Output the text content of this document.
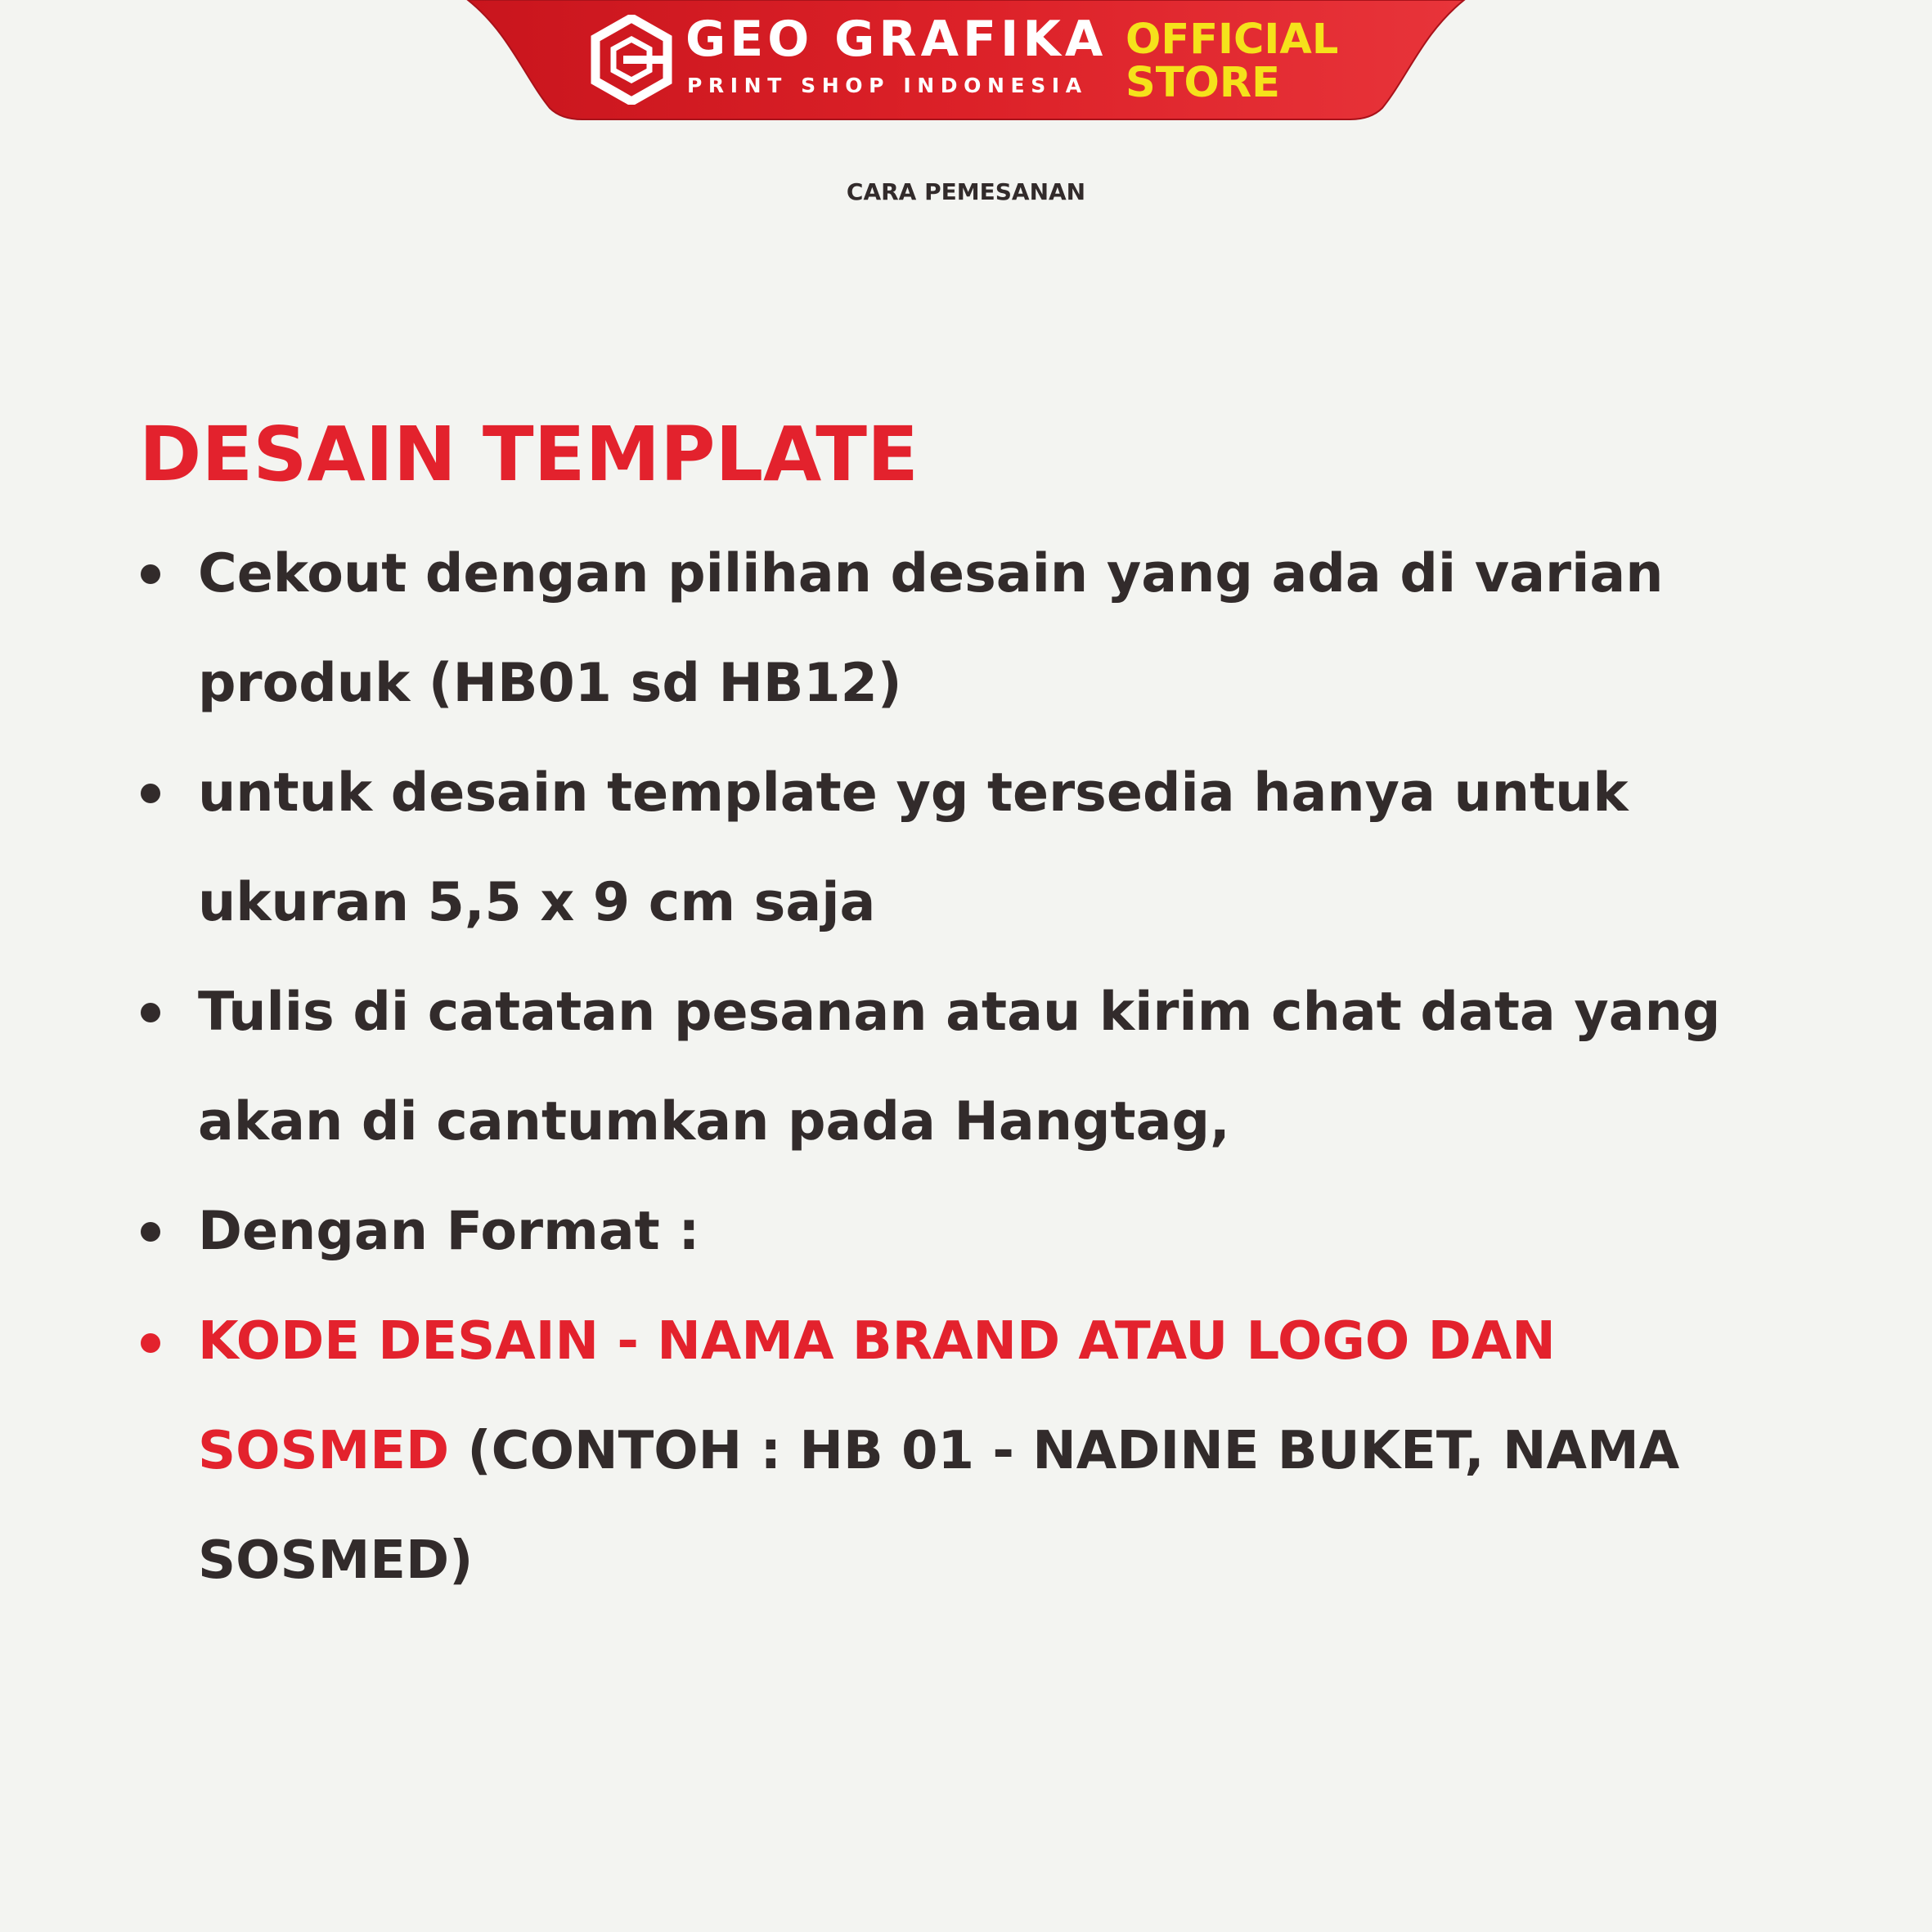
GEO GRAFIKA
PRINT SHOP INDONESIA
OFFICIAL
STORE
CARA PEMESANAN
DESAIN TEMPLATE
Cekout dengan pilihan desain yang ada di varian
produk (HB01 sd HB12)
untuk desain template yg tersedia hanya untuk
ukuran 5,5 x 9 cm saja
Tulis di catatan pesanan atau kirim chat data yang
akan di cantumkan pada Hangtag,
Dengan Format :
KODE DESAIN - NAMA BRAND ATAU LOGO DAN
SOSMED (CONTOH : HB 01 - NADINE BUKET, NAMA
SOSMED)
